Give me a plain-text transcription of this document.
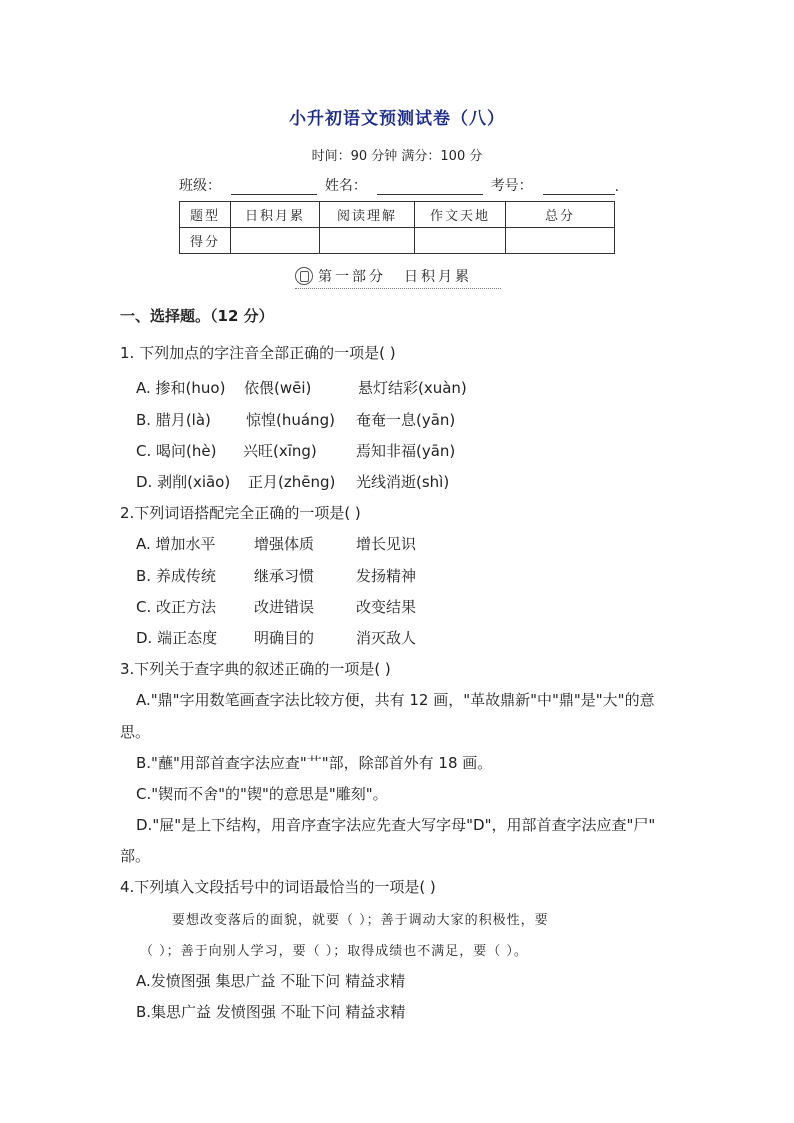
小升初语文预测试卷（八）
时间：90 分钟 满分：100 分
班级：	姓名：	考号：	.
题型	日积月累	阅读理解	作文天地	总分
得分				
第一部分 日积月累
一、选择题。（12 分）
1. 下列加点的字注音全部正确的一项是( )
A. 掺和(huo) 依偎(wēi)	悬灯结彩(xuàn)
B. 腊月(là) 惊惶(huáng) 奄奄一息(yān)
C. 喝问(hè) 兴旺(xīng)	焉知非福(yān)
D. 剥削(xiāo) 正月(zhēng) 光线消逝(shì)
2.下列词语搭配完全正确的一项是( )
A. 增加水平	增强体质	增长见识
B. 养成传统	继承习惯	发扬精神
C. 改正方法	改进错误	改变结果
D. 端正态度 明确目的	消灭敌人
3.下列关于查字典的叙述正确的一项是( )
A."鼎"字用数笔画查字法比较方便，共有 12 画，"革故鼎新"中"鼎"是"大"的意
思。
B."蘸"用部首查字法应查"艹"部，除部首外有 18 画。
C."锲而不舍"的"锲"的意思是"雕刻"。
D."屉"是上下结构，用音序查字法应先查大写字母"D"，用部首查字法应查"尸"
部。
4.下列填入文段括号中的词语最恰当的一项是( )
要想改变落后的面貌，就要（ ）；善于调动大家的积极性，要
（ ）；善于向别人学习，要（ ）；取得成绩也不满足，要（ ）。
A.发愤图强 集思广益 不耻下问 精益求精
B.集思广益 发愤图强 不耻下问 精益求精
